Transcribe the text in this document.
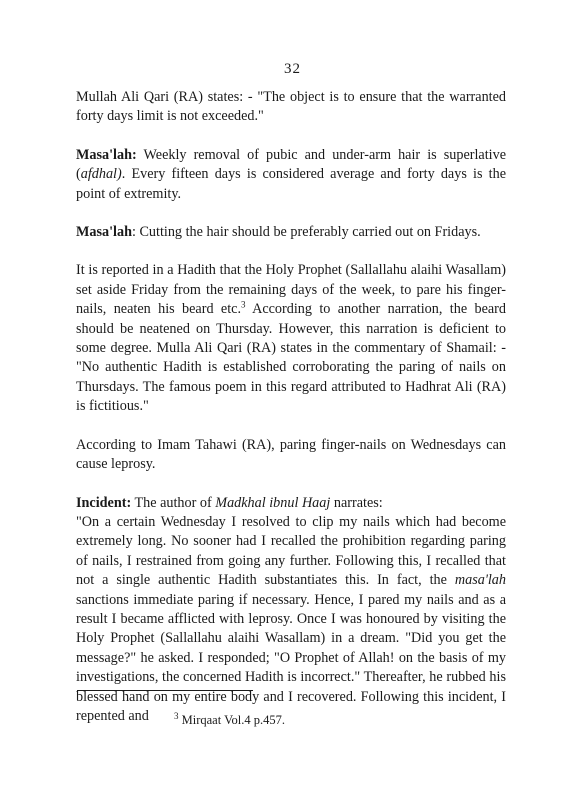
32

Mullah Ali Qari (RA) states: - "The object is to ensure that the warranted forty days limit is not exceeded."

Masa'lah: Weekly removal of pubic and under-arm hair is superlative (afdhal). Every fifteen days is considered average and forty days is the point of extremity.

Masa'lah: Cutting the hair should be preferably carried out on Fridays.

It is reported in a Hadith that the Holy Prophet (Sallallahu alaihi Wasallam) set aside Friday from the remaining days of the week, to pare his finger-nails, neaten his beard etc.$^3$ According to another narration, the beard should be neatened on Thursday. However, this narration is deficient to some degree. Mulla Ali Qari (RA) states in the commentary of Shamail: - "No authentic Hadith is established corroborating the paring of nails on Thursdays. The famous poem in this regard attributed to Hadhrat Ali (RA) is fictitious."

According to Imam Tahawi (RA), paring finger-nails on Wednesdays can cause leprosy.

Incident: The author of Madkhal ibnul Haaj narrates:

"On a certain Wednesday I resolved to clip my nails which had become extremely long. No sooner had I recalled the prohibition regarding paring of nails, I restrained from going any further. Following this, I recalled that not a single authentic Hadith substantiates this. In fact, the masa'lah sanctions immediate paring if necessary. Hence, I pared my nails and as a result I became afflicted with leprosy. Once I was honoured by visiting the Holy Prophet (Sallallahu alaihi Wasallam) in a dream. "Did you get the message?" he asked. I responded; "O Prophet of Allah! on the basis of my investigations, the concerned Hadith is incorrect." Thereafter, he rubbed his blessed hand on my entire body and I recovered. Following this incident, I repented and	$^3$ Mirqaat Vol.4 p.457.
